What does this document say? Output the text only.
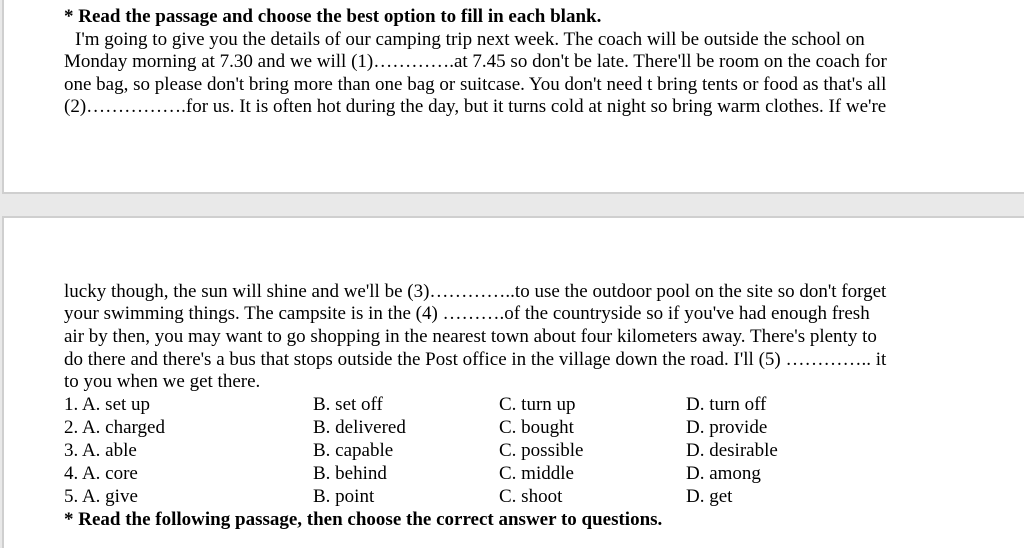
* Read the passage and choose the best option to fill in each blank.
I'm going to give you the details of our camping trip next week. The coach will be outside the school on
Monday morning at 7.30 and we will (1)………….at 7.45 so don't be late. There'll be room on the coach for
one bag, so please don't bring more than one bag or suitcase. You don't need t bring tents or food as that's all
(2)…………….for us. It is often hot during the day, but it turns cold at night so bring warm clothes. If we're
lucky though, the sun will shine and we'll be (3)…………..to use the outdoor pool on the site so don't forget
your swimming things. The campsite is in the (4) ……….of the countryside so if you've had enough fresh
air by then, you may want to go shopping in the nearest town about four kilometers away. There's plenty to
do there and there's a bus that stops outside the Post office in the village down the road. I'll (5) ………….. it
to you when we get there.
1. A. set up	B. set off	C. turn up	D. turn off
2. A. charged	B. delivered	C. bought	D. provide
3. A. able	B. capable	C. possible	D. desirable
4. A. core	B. behind	C. middle	D. among
5. A. give	B. point	C. shoot	D. get
* Read the following passage, then choose the correct answer to questions.
